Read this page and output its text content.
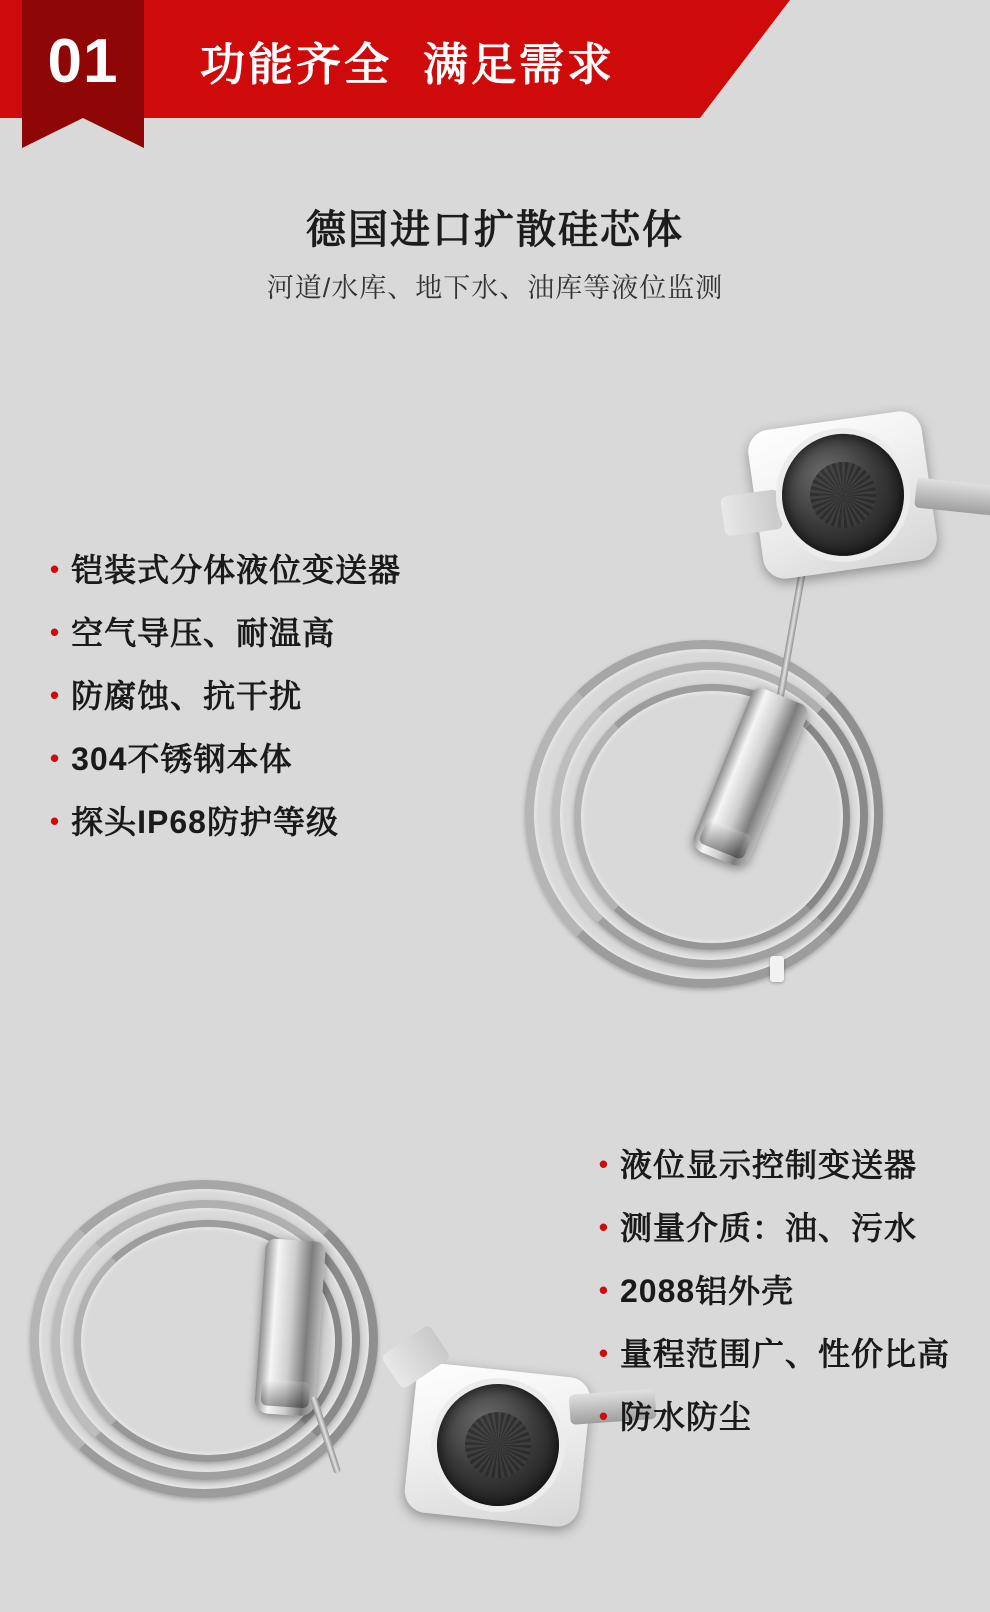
01	功能齐全  满足需求
德国进口扩散硅芯体
河道/水库、地下水、油库等液位监测
• 铠装式分体液位变送器
• 空气导压、耐温高
• 防腐蚀、抗干扰
• 304不锈钢本体
• 探头IP68防护等级
• 液位显示控制变送器
• 测量介质：油、污水
• 2088铝外壳
• 量程范围广、性价比高
• 防水防尘
